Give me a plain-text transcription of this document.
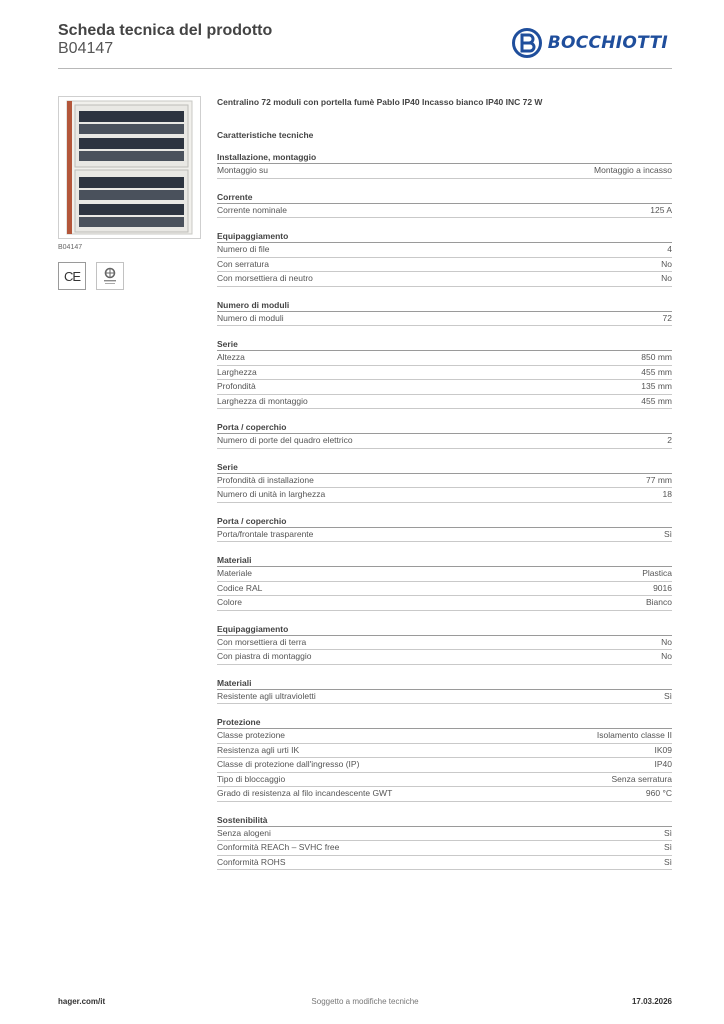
Scheda tecnica del prodotto
B04147	BOCCHIOTTI
B04147
CE
Centralino 72 moduli con portella fumè Pablo IP40 Incasso bianco IP40 INC 72 W
Caratteristiche tecniche
Installazione, montaggio
Montaggio su	Montaggio a incasso
Corrente
Corrente nominale	125 A
Equipaggiamento
Numero di file	4
Con serratura	No
Con morsettiera di neutro	No
Numero di moduli
Numero di moduli	72
Serie
Altezza	850 mm
Larghezza	455 mm
Profondità	135 mm
Larghezza di montaggio	455 mm
Porta / coperchio
Numero di porte del quadro elettrico	2
Serie
Profondità di installazione	77 mm
Numero di unità in larghezza	18
Porta / coperchio
Porta/frontale trasparente	Sì
Materiali
Materiale	Plastica
Codice RAL	9016
Colore	Bianco
Equipaggiamento
Con morsettiera di terra	No
Con piastra di montaggio	No
Materiali
Resistente agli ultravioletti	Sì
Protezione
Classe protezione	Isolamento classe II
Resistenza agli urti IK	IK09
Classe di protezione dall'ingresso (IP)	IP40
Tipo di bloccaggio	Senza serratura
Grado di resistenza al filo incandescente GWT	960 °C
Sostenibilità
Senza alogeni	Sì
Conformità REACh – SVHC free	Sì
Conformità ROHS	Sì
hager.com/it	Soggetto a modifiche tecniche	17.03.2026
